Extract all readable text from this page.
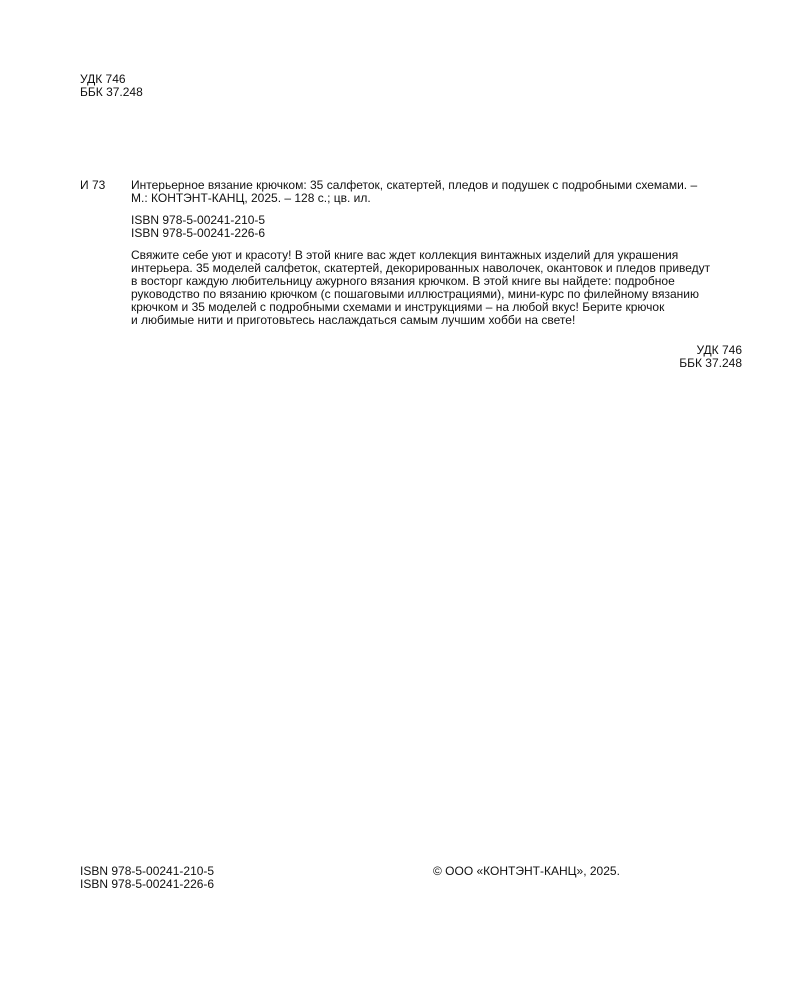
УДК 746
ББК 37.248
И 73 Интерьерное вязание крючком: 35 салфеток, скатертей, пледов и подушек с подробными схемами. –
М.: КОНТЭНТ-КАНЦ, 2025. – 128 с.; цв. ил.
ISBN 978-5-00241-210-5
ISBN 978-5-00241-226-6
Свяжите себе уют и красоту! В этой книге вас ждет коллекция винтажных изделий для украшения
интерьера. 35 моделей салфеток, скатертей, декорированных наволочек, окантовок и пледов приведут
в восторг каждую любительницу ажурного вязания крючком. В этой книге вы найдете: подробное
руководство по вязанию крючком (с пошаговыми иллюстрациями), мини-курс по филейному вязанию
крючком и 35 моделей с подробными схемами и инструкциями – на любой вкус! Берите крючок
и любимые нити и приготовьтесь наслаждаться самым лучшим хобби на свете!
УДК 746
ББК 37.248
ISBN 978-5-00241-210-5
ISBN 978-5-00241-226-6
© ООО «КОНТЭНТ-КАНЦ», 2025.
